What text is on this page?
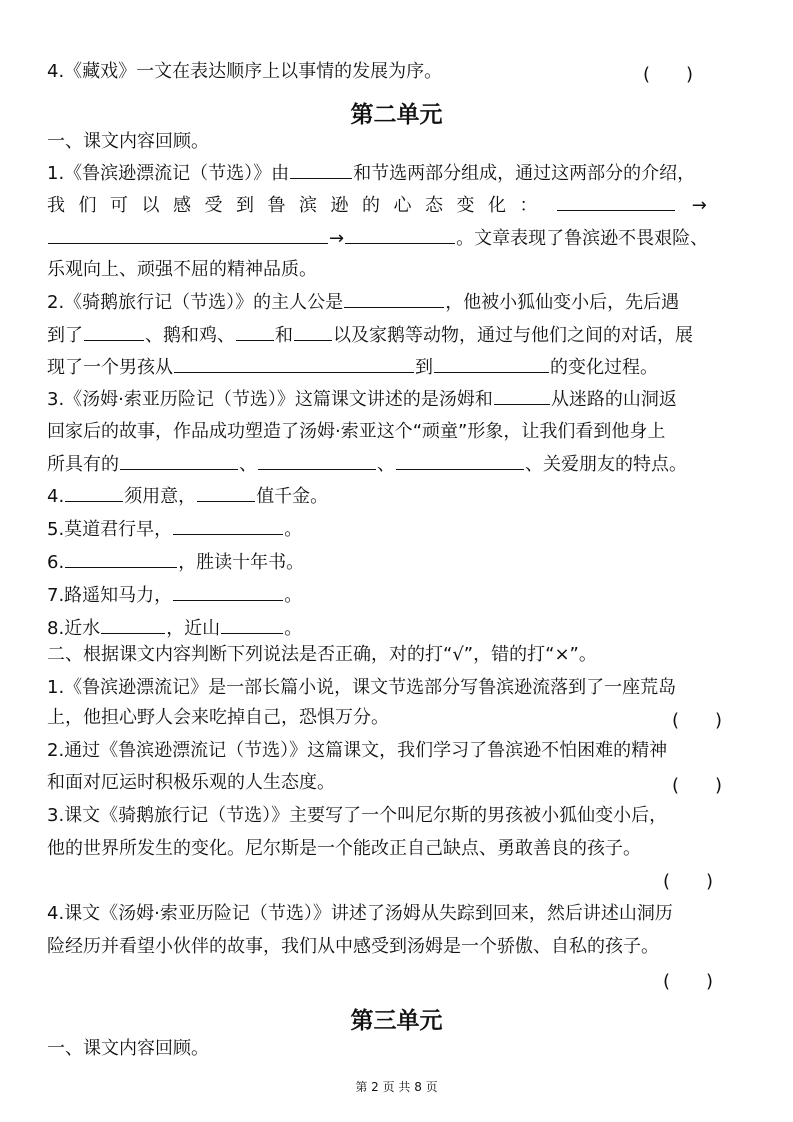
4.《藏戏》一文在表达顺序上以事情的发展为序。	(　　)
第二单元
一、课文内容回顾。
1.《鲁滨逊漂流记（节选）》由	和节选两部分组成，通过这两部分的介绍，
我们可以感受到鲁滨逊的心态变化：	→
→	。文章表现了鲁滨逊不畏艰险、
乐观向上、顽强不屈的精神品质。
2.《骑鹅旅行记（节选）》的主人公是	，他被小狐仙变小后，先后遇
到了	、鹅和鸡、 和 以及家鹅等动物，通过与他们之间的对话，展
现了一个男孩从	到	的变化过程。
3.《汤姆·索亚历险记（节选）》这篇课文讲述的是汤姆和	从迷路的山洞返
回家后的故事，作品成功塑造了汤姆·索亚这个“顽童”形象，让我们看到他身上
所具有的	、	、	、关爱朋友的特点。
4.	须用意，	值千金。
5.莫道君行早，	。
6.	，胜读十年书。
7.路遥知马力，	。
8.近水	，近山	。
二、根据课文内容判断下列说法是否正确，对的打“√”，错的打“×”。
1.《鲁滨逊漂流记》是一部长篇小说，课文节选部分写鲁滨逊流落到了一座荒岛
上，他担心野人会来吃掉自己，恐惧万分。	(　　)
2.通过《鲁滨逊漂流记（节选）》这篇课文，我们学习了鲁滨逊不怕困难的精神
和面对厄运时积极乐观的人生态度。	(　　)
3.课文《骑鹅旅行记（节选）》主要写了一个叫尼尔斯的男孩被小狐仙变小后，
他的世界所发生的变化。尼尔斯是一个能改正自己缺点、勇敢善良的孩子。
(　　)
4.课文《汤姆·索亚历险记（节选）》讲述了汤姆从失踪到回来，然后讲述山洞历
险经历并看望小伙伴的故事，我们从中感受到汤姆是一个骄傲、自私的孩子。
(　　)
第三单元
一、课文内容回顾。
第 2 页 共 8 页
